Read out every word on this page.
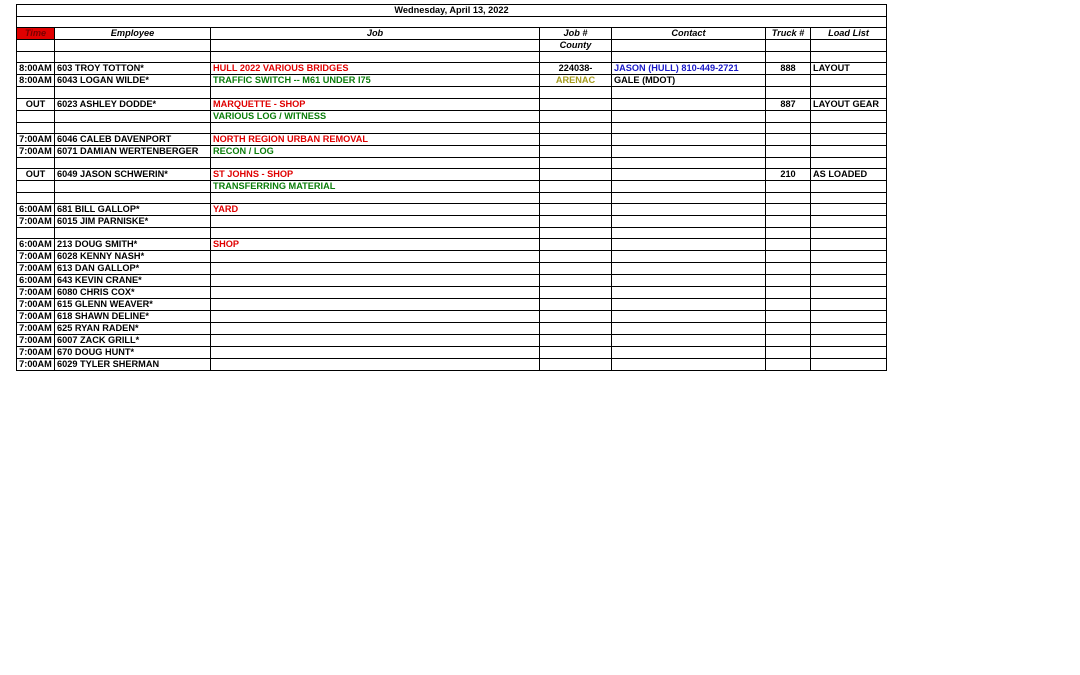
Wednesday, April 13, 2022						

Time	Employee	Job	Job #	Contact	Truck #	Load List
			County			

8:00AM	603 TROY TOTTON*	HULL 2022 VARIOUS BRIDGES	224038-	JASON (HULL) 810-449-2721	888	LAYOUT
8:00AM	6043 LOGAN WILDE*	TRAFFIC SWITCH -- M61 UNDER I75	ARENAC	GALE (MDOT)		

OUT	6023 ASHLEY DODDE*	MARQUETTE - SHOP			887	LAYOUT GEAR
		VARIOUS LOG / WITNESS				

7:00AM	6046 CALEB DAVENPORT	NORTH REGION URBAN REMOVAL				
7:00AM	6071 DAMIAN WERTENBERGER	RECON / LOG				

OUT	6049 JASON SCHWERIN*	ST JOHNS - SHOP			210	AS LOADED
		TRANSFERRING MATERIAL				

6:00AM	681 BILL GALLOP*	YARD				
7:00AM	6015 JIM PARNISKE*					

6:00AM	213 DOUG SMITH*	SHOP				
7:00AM	6028 KENNY NASH*					
7:00AM	613 DAN GALLOP*					
6:00AM	643 KEVIN CRANE*					
7:00AM	6080 CHRIS COX*					
7:00AM	615 GLENN WEAVER*					
7:00AM	618 SHAWN DELINE*					
7:00AM	625 RYAN RADEN*					
7:00AM	6007 ZACK GRILL*					
7:00AM	670 DOUG HUNT*					
7:00AM	6029 TYLER SHERMAN					
